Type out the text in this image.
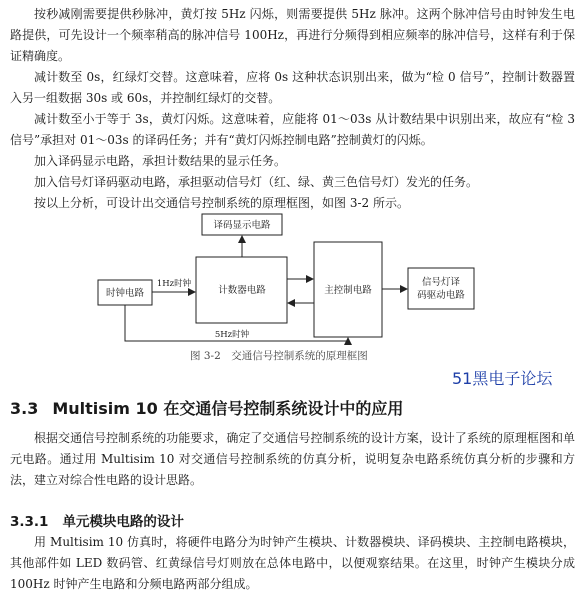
按秒减刚需要提供秒脉冲，黄灯按 5Hz 闪烁，则需要提供 5Hz 脉冲。这两个脉冲信号由时钟发生电路提供，可先设计一个频率稍高的脉冲信号 100Hz，再进行分频得到相应频率的脉冲信号，这样有利于保证精确度。

减计数至 0s，红绿灯交替。这意味着，应将 0s 这种状态识别出来，做为“检 0 信号”，控制计数器置入另一组数据 30s 或 60s，并控制红绿灯的交替。

减计数至小于等于 3s，黄灯闪烁。这意味着，应能将 01～03s 从计数结果中识别出来，故应有“检 3 信号”承担对 01～03s 的译码任务；并有“黄灯闪烁控制电路”控制黄灯的闪烁。

加入译码显示电路，承担计数结果的显示任务。

加入信号灯译码驱动电路，承担驱动信号灯（红、绿、黄三色信号灯）发光的任务。

按以上分析，可设计出交通信号控制系统的原理框图，如图 3-2 所示。

译码显示电路
时钟电路	计数器电路	主控制电路
信号灯译
码驱动电路
1Hz时钟
5Hz时钟
图 3-2　交通信号控制系统的原理框图
51黑电子论坛
3.3 Multisim 10 在交通信号控制系统设计中的应用

根据交通信号控制系统的功能要求，确定了交通信号控制系统的设计方案，设计了系统的原理框图和单元电路。通过用 Multisim 10 对交通信号控制系统的仿真分析，说明复杂电路系统仿真分析的步骤和方法，建立对综合性电路的设计思路。

3.3.1 单元模块电路的设计

用 Multisim 10 仿真时，将硬件电路分为时钟产生模块、计数器模块、译码模块、主控制电路模块，其他部件如 LED 数码管、红黄绿信号灯则放在总体电路中，以便观察结果。在这里，时钟产生模块分成 100Hz 时钟产生电路和分频电路两部分组成。
